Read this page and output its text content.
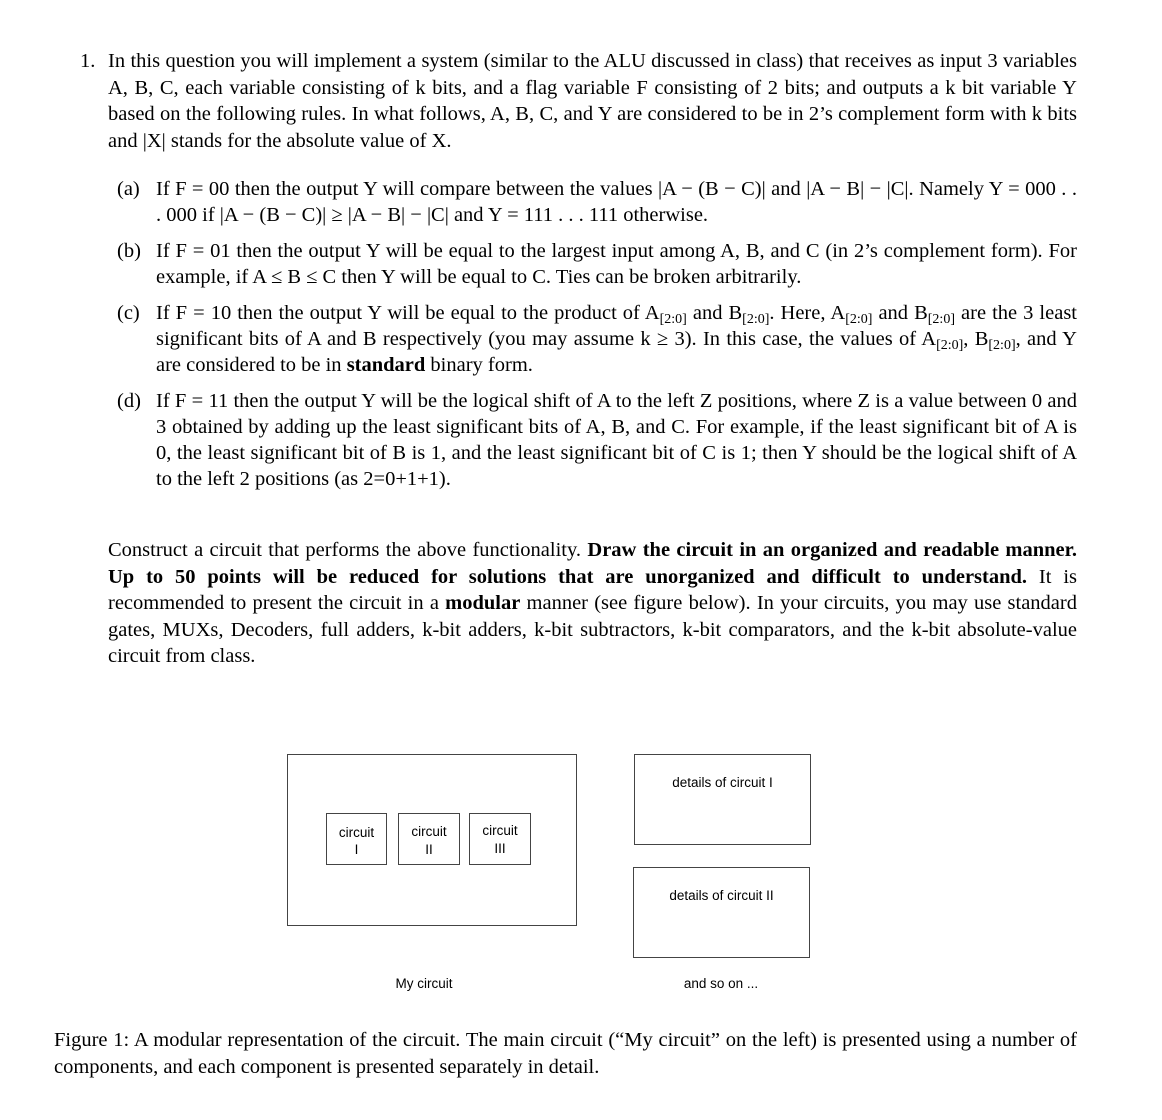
1. In this question you will implement a system (similar to the ALU discussed in class) that receives as input 3 variables A, B, C, each variable consisting of k bits, and a flag variable F consisting of 2 bits; and outputs a k bit variable Y based on the following rules. In what follows, A, B, C, and Y are considered to be in 2’s complement form with k bits and |X| stands for the absolute value of X.
(a) If F = 00 then the output Y will compare between the values |A − (B − C)| and |A − B| − |C|. Namely Y = 000 . . . 000 if |A − (B − C)| ≥ |A − B| − |C| and Y = 111 . . . 111 otherwise.
(b) If F = 01 then the output Y will be equal to the largest input among A, B, and C (in 2’s complement form). For example, if A ≤ B ≤ C then Y will be equal to C. Ties can be broken arbitrarily.
(c) If F = 10 then the output Y will be equal to the product of $A_{[2:0]}$ and $B_{[2:0]}$. Here, $A_{[2:0]}$ and $B_{[2:0]}$ are the 3 least significant bits of A and B respectively (you may assume k ≥ 3). In this case, the values of $A_{[2:0]}$, $B_{[2:0]}$, and Y are considered to be in standard binary form.
(d) If F = 11 then the output Y will be the logical shift of A to the left Z positions, where Z is a value between 0 and 3 obtained by adding up the least significant bits of A, B, and C. For example, if the least significant bit of A is 0, the least significant bit of B is 1, and the least significant bit of C is 1; then Y should be the logical shift of A to the left 2 positions (as 2=0+1+1).
Construct a circuit that performs the above functionality. Draw the circuit in an organized and readable manner. Up to 50 points will be reduced for solutions that are unorganized and difficult to understand. It is recommended to present the circuit in a modular manner (see figure below). In your circuits, you may use standard gates, MUXs, Decoders, full adders, k-bit adders, k-bit subtractors, k-bit comparators, and the k-bit absolute-value circuit from class.
circuit
I
circuit
II
circuit
III
My circuit
details of circuit I
details of circuit II
and so on ...
Figure 1: A modular representation of the circuit. The main circuit (“My circuit” on the left) is presented using a number of components, and each component is presented separately in detail.
